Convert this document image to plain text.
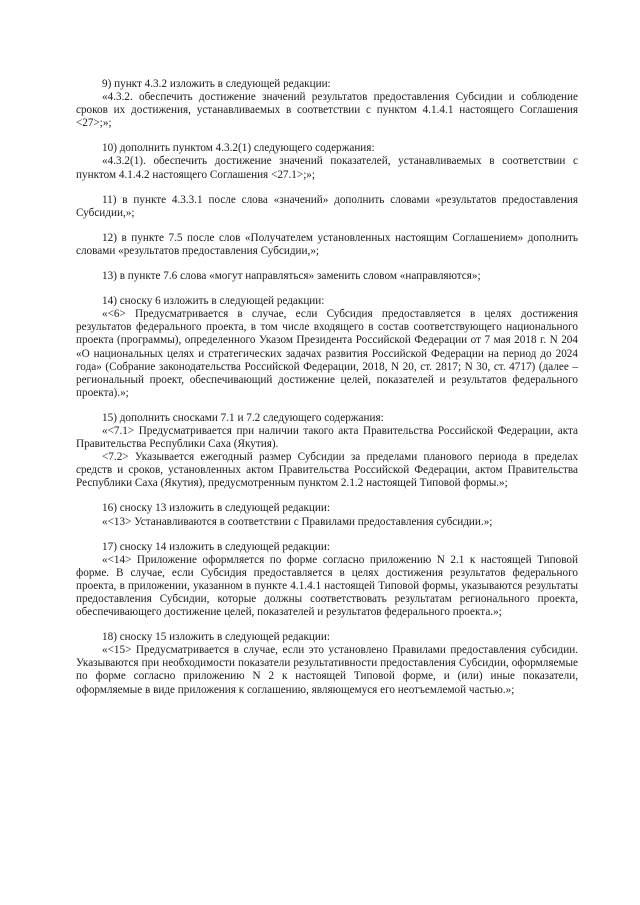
9) пункт 4.3.2 изложить в следующей редакции:

«4.3.2. обеспечить достижение значений результатов предоставления Субсидии и соблюдение сроков их достижения, устанавливаемых в соответствии с пунктом 4.1.4.1 настоящего Соглашения <27>;»;

10) дополнить пунктом 4.3.2(1) следующего содержания:

«4.3.2(1). обеспечить достижение значений показателей, устанавливаемых в соответствии с пунктом 4.1.4.2 настоящего Соглашения <27.1>;»;

11) в пункте 4.3.3.1 после слова «значений» дополнить словами «результатов предоставления Субсидии,»;

12) в пункте 7.5 после слов «Получателем установленных настоящим Соглашением» дополнить словами «результатов предоставления Субсидии,»;

13) в пункте 7.6 слова «могут направляться» заменить словом «направляются»;

14) сноску 6 изложить в следующей редакции:

«<6> Предусматривается в случае, если Субсидия предоставляется в целях достижения результатов федерального проекта, в том числе входящего в состав соответствующего национального проекта (программы), определенного Указом Президента Российской Федерации от 7 мая 2018 г. N 204 «О национальных целях и стратегических задачах развития Российской Федерации на период до 2024 года» (Собрание законодательства Российской Федерации, 2018, N 20, ст. 2817; N 30, ст. 4717) (далее – региональный проект, обеспечивающий достижение целей, показателей и результатов федерального проекта).»;

15) дополнить сносками 7.1 и 7.2 следующего содержания:

«<7.1> Предусматривается при наличии такого акта Правительства Российской Федерации, акта Правительства Республики Саха (Якутия).

<7.2> Указывается ежегодный размер Субсидии за пределами планового периода в пределах средств и сроков, установленных актом Правительства Российской Федерации, актом Правительства Республики Саха (Якутия), предусмотренным пунктом 2.1.2 настоящей Типовой формы.»;

16) сноску 13 изложить в следующей редакции:

«<13> Устанавливаются в соответствии с Правилами предоставления субсидии.»;

17) сноску 14 изложить в следующей редакции:

«<14> Приложение оформляется по форме согласно приложению N 2.1 к настоящей Типовой форме. В случае, если Субсидия предоставляется в целях достижения результатов федерального проекта, в приложении, указанном в пункте 4.1.4.1 настоящей Типовой формы, указываются результаты предоставления Субсидии, которые должны соответствовать результатам регионального проекта, обеспечивающего достижение целей, показателей и результатов федерального проекта.»;

18) сноску 15 изложить в следующей редакции:

«<15> Предусматривается в случае, если это установлено Правилами предоставления субсидии. Указываются при необходимости показатели результативности предоставления Субсидии, оформляемые по форме согласно приложению N 2 к настоящей Типовой форме, и (или) иные показатели, оформляемые в виде приложения к соглашению, являющемуся его неотъемлемой частью.»;
